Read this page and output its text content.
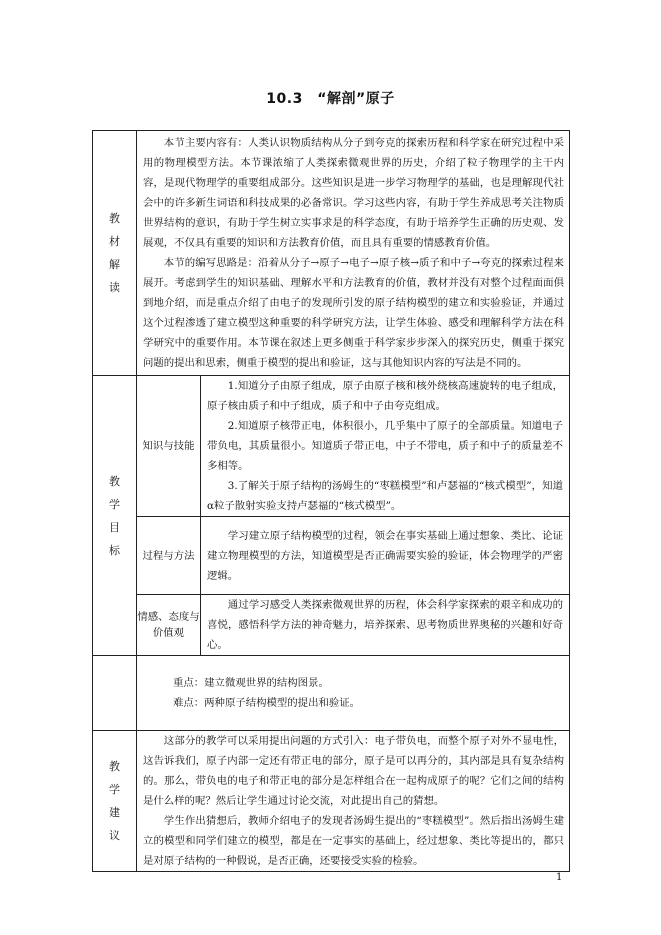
10.3　“解剖”原子
教材解读	本节主要内容有：人类认识物质结构从分子到夸克的探索历程和科学家在研究过程中采用的物理模型方法。本节课浓缩了人类探索微观世界的历史，介绍了粒子物理学的主干内容，是现代物理学的重要组成部分。这些知识是进一步学习物理学的基础，也是理解现代社会中的许多新生词语和科技成果的必备常识。学习这些内容，有助于学生养成思考关注物质世界结构的意识，有助于学生树立实事求是的科学态度，有助于培养学生正确的历史观、发展观，不仅具有重要的知识和方法教育价值，而且具有重要的情感教育价值。

本节的编写思路是：沿着从分子→原子→电子→原子核→质子和中子→夸克的探索过程来展开。考虑到学生的知识基础、理解水平和方法教育的价值，教材并没有对整个过程面面俱到地介绍，而是重点介绍了由电子的发现所引发的原子结构模型的建立和实验验证，并通过这个过程渗透了建立模型这种重要的科学研究方法，让学生体验、感受和理解科学方法在科学研究中的重要作用。本节课在叙述上更多侧重于科学家步步深入的探究历史，侧重于探究问题的提出和思索，侧重于模型的提出和验证，这与其他知识内容的写法是不同的。	

教学目标	知识与技能	1.知道分子由原子组成，原子由原子核和核外绕核高速旋转的电子组成，原子核由质子和中子组成，质子和中子由夸克组成。

2.知道原子核带正电，体积很小，几乎集中了原子的全部质量。知道电子带负电，其质量很小。知道质子带正电，中子不带电，质子和中子的质量差不多相等。

3.了解关于原子结构的汤姆生的“枣糕模型”和卢瑟福的“核式模型”，知道α粒子散射实验支持卢瑟福的“核式模型”。

	过程与方法	学习建立原子结构模型的过程，领会在事实基础上通过想象、类比、论证建立物理模型的方法，知道模型是否正确需要实验的验证，体会物理学的严密逻辑。

	情感、态度与
价值观	通过学习感受人类探索微观世界的历程，体会科学家探索的艰辛和成功的喜悦，感悟科学方法的神奇魅力，培养探索、思考物质世界奥秘的兴趣和好奇心。

	重点：建立微观世界的结构图景。

难点：两种原子结构模型的提出和验证。	

教学建议	这部分的教学可以采用提出问题的方式引入：电子带负电，而整个原子对外不显电性，这告诉我们，原子内部一定还有带正电的部分，原子是可以再分的，其内部是具有复杂结构的。那么，带负电的电子和带正电的部分是怎样组合在一起构成原子的呢？它们之间的结构是什么样的呢？然后让学生通过讨论交流，对此提出自己的猜想。

学生作出猜想后，教师介绍电子的发现者汤姆生提出的“枣糕模型”。然后指出汤姆生建立的模型和同学们建立的模型，都是在一定事实的基础上，经过想象、类比等提出的，都只是对原子结构的一种假说，是否正确，还要接受实验的检验。	

1
